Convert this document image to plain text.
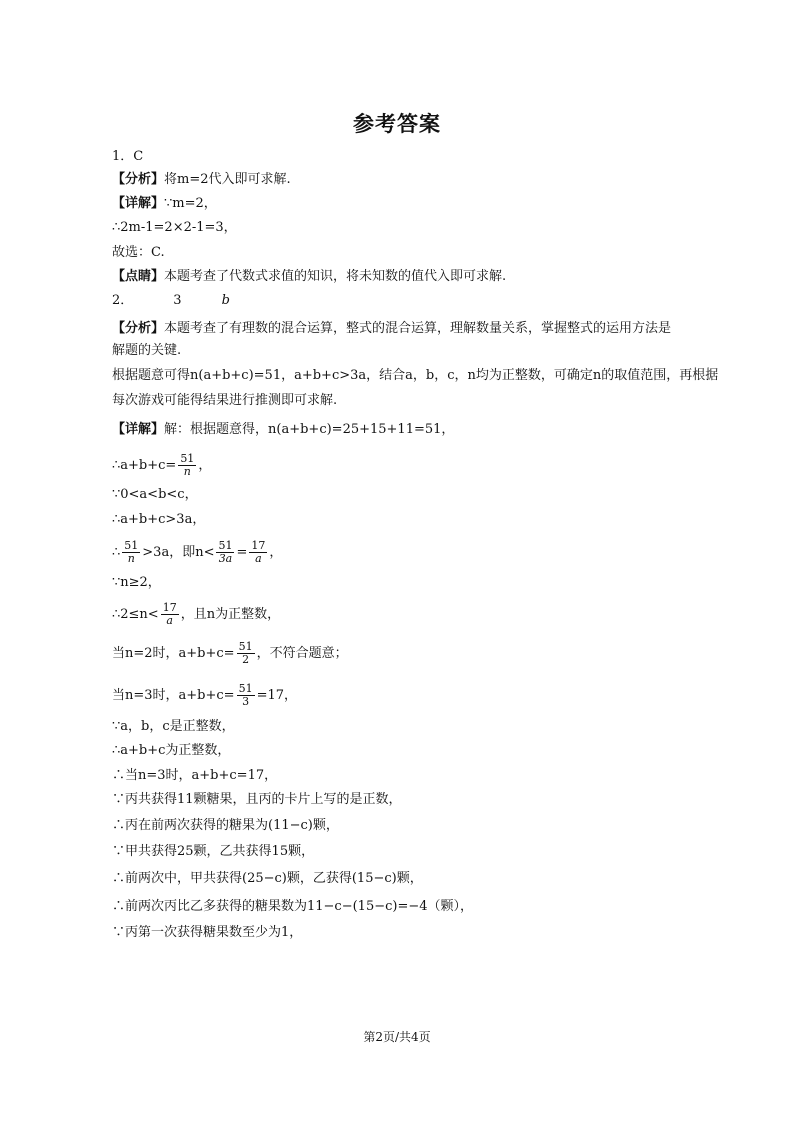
参考答案
1．C
【分析】将m=2代入即可求解.
【详解】∵m=2，
∴2m-1=2×2-1=3，
故选：C.
【点睛】本题考查了代数式求值的知识，将未知数的值代入即可求解.
2．	3	b
【分析】本题考查了有理数的混合运算，整式的混合运算，理解数量关系，掌握整式的运用方法是解题的关键.
根据题意可得n(a+b+c)=51，a+b+c>3a，结合a，b，c，n均为正整数，可确定n的取值范围，再根据
每次游戏可能得结果进行推测即可求解.
【详解】解：根据题意得，n(a+b+c)=25+15+11=51，
∴a+b+c= $\frac{51}{n}$ ，
∵0<a<b<c，
∴a+b+c>3a，
∴ $\frac{51}{n} >3a$，即$n< \frac{51}{3a} = \frac{17}{a}$ ，
∵n≥2，
∴2≤n< $\frac{17}{a}$ ，且n为正整数，
当n=2时，$a+b+c= \frac{51}{2}$ ，不符合题意；
当n=3时，$a+b+c= \frac{51}{3} =17$，
∵a，b，c是正整数，
∴a+b+c为正整数，
∴当n=3时，a+b+c=17，
∵丙共获得11颗糖果，且丙的卡片上写的是正数，
∴丙在前两次获得的糖果为(11−c)颗，
∵甲共获得25颗，乙共获得15颗，
∴前两次中，甲共获得(25−c)颗，乙获得(15−c)颗，
∴前两次丙比乙多获得的糖果数为11−c−(15−c)=−4（颗），
∵丙第一次获得糖果数至少为1，
第2页/共4页
